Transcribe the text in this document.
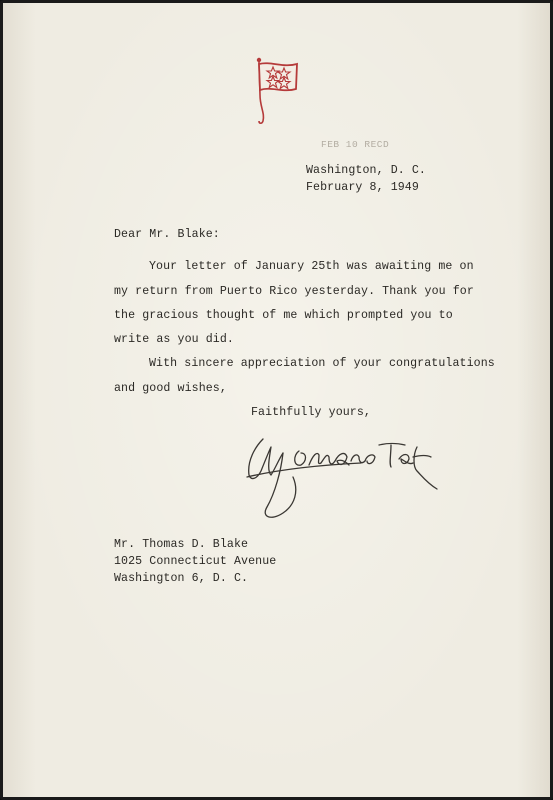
FEB 10 RECD
Washington, D. C.
February 8, 1949
Dear Mr. Blake:
Your letter of January 25th was awaiting me on
my return from Puerto Rico yesterday. Thank you for
the gracious thought of me which prompted you to
write as you did.
With sincere appreciation of your congratulations
and good wishes,
Faithfully yours,
Mr. Thomas D. Blake
1025 Connecticut Avenue
Washington 6, D. C.
